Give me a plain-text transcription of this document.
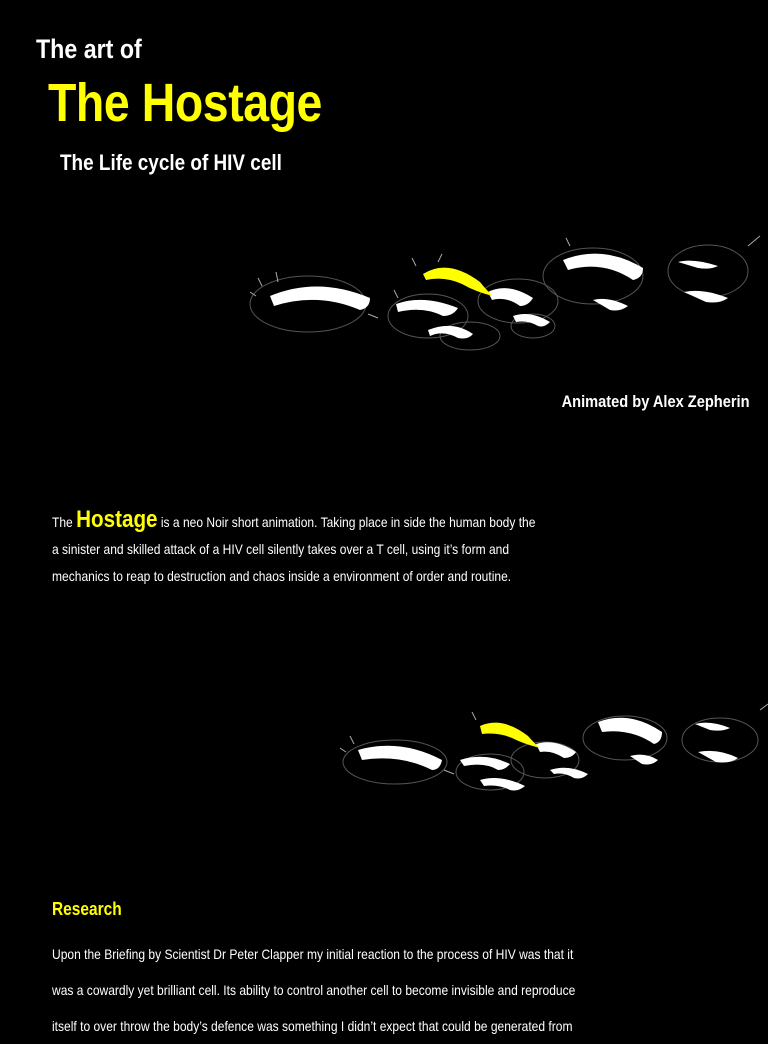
The art of
The Hostage
The Life cycle of HIV cell
Animated by Alex Zepherin
The Hostage is a neo Noir short animation. Taking place in side the human body the
a sinister and skilled attack of a HIV cell silently takes over a T cell, using it’s form and
mechanics to reap to destruction and chaos inside a environment of order and routine.
Research
Upon the Briefing by Scientist Dr Peter Clapper my initial reaction to the process of HIV was that it
was a cowardly yet brilliant cell. Its ability to control another cell to become invisible and reproduce
itself to over throw the body’s defence was something I didn’t expect that could be generated from
